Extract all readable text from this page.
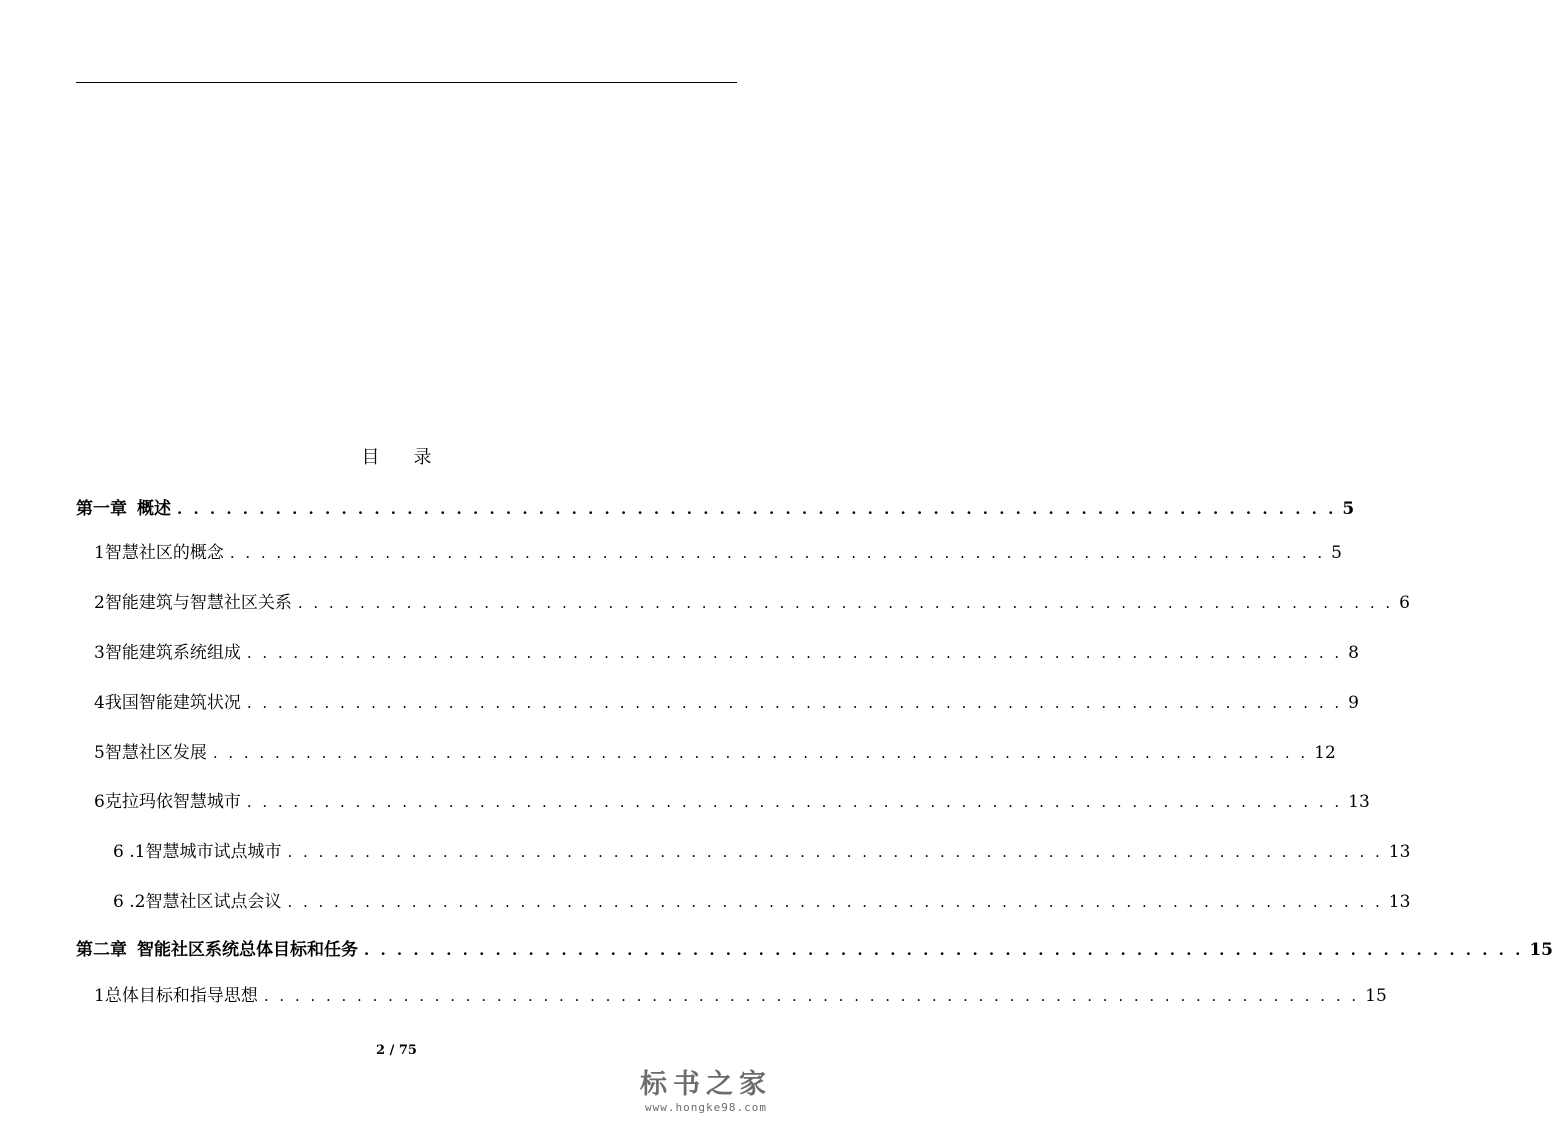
目 录
第一章 概述 . . . . . . . . . . . . . . . . . . . . . . . . . . . . . . . . . . . . . . . . . . . . . . . . . . . . . . . . . . . . . . . . . . . . . . . 5
1 智慧社区的概念 . . . . . . . . . . . . . . . . . . . . . . . . . . . . . . . . . . . . . . . . . . . . . . . . . . . . . . . . . . . . . . . . . . . . . . . 5
2 智能建筑与智慧社区关系 . . . . . . . . . . . . . . . . . . . . . . . . . . . . . . . . . . . . . . . . . . . . . . . . . . . . . . . . . . . . . . . . . . . . . . . 6
3 智能建筑系统组成 . . . . . . . . . . . . . . . . . . . . . . . . . . . . . . . . . . . . . . . . . . . . . . . . . . . . . . . . . . . . . . . . . . . . . . . 8
4 我国智能建筑状况 . . . . . . . . . . . . . . . . . . . . . . . . . . . . . . . . . . . . . . . . . . . . . . . . . . . . . . . . . . . . . . . . . . . . . . . 9
5 智慧社区发展 . . . . . . . . . . . . . . . . . . . . . . . . . . . . . . . . . . . . . . . . . . . . . . . . . . . . . . . . . . . . . . . . . . . . . . . 12
6 克拉玛依智慧城市 . . . . . . . . . . . . . . . . . . . . . . . . . . . . . . . . . . . . . . . . . . . . . . . . . . . . . . . . . . . . . . . . . . . . . . . 13
6 .1 智慧城市试点城市 . . . . . . . . . . . . . . . . . . . . . . . . . . . . . . . . . . . . . . . . . . . . . . . . . . . . . . . . . . . . . . . . . . . . . . . 13
6 .2 智慧社区试点会议 . . . . . . . . . . . . . . . . . . . . . . . . . . . . . . . . . . . . . . . . . . . . . . . . . . . . . . . . . . . . . . . . . . . . . . . 13
第二章 智能社区系统总体目标和任务 . . . . . . . . . . . . . . . . . . . . . . . . . . . . . . . . . . . . . . . . . . . . . . . . . . . . . . . . . . . . . . . . . . . . . . . 15
1 总体目标和指导思想 . . . . . . . . . . . . . . . . . . . . . . . . . . . . . . . . . . . . . . . . . . . . . . . . . . . . . . . . . . . . . . . . . . . . . . . 15
2 / 75
标书之家
www.hongke98.com
